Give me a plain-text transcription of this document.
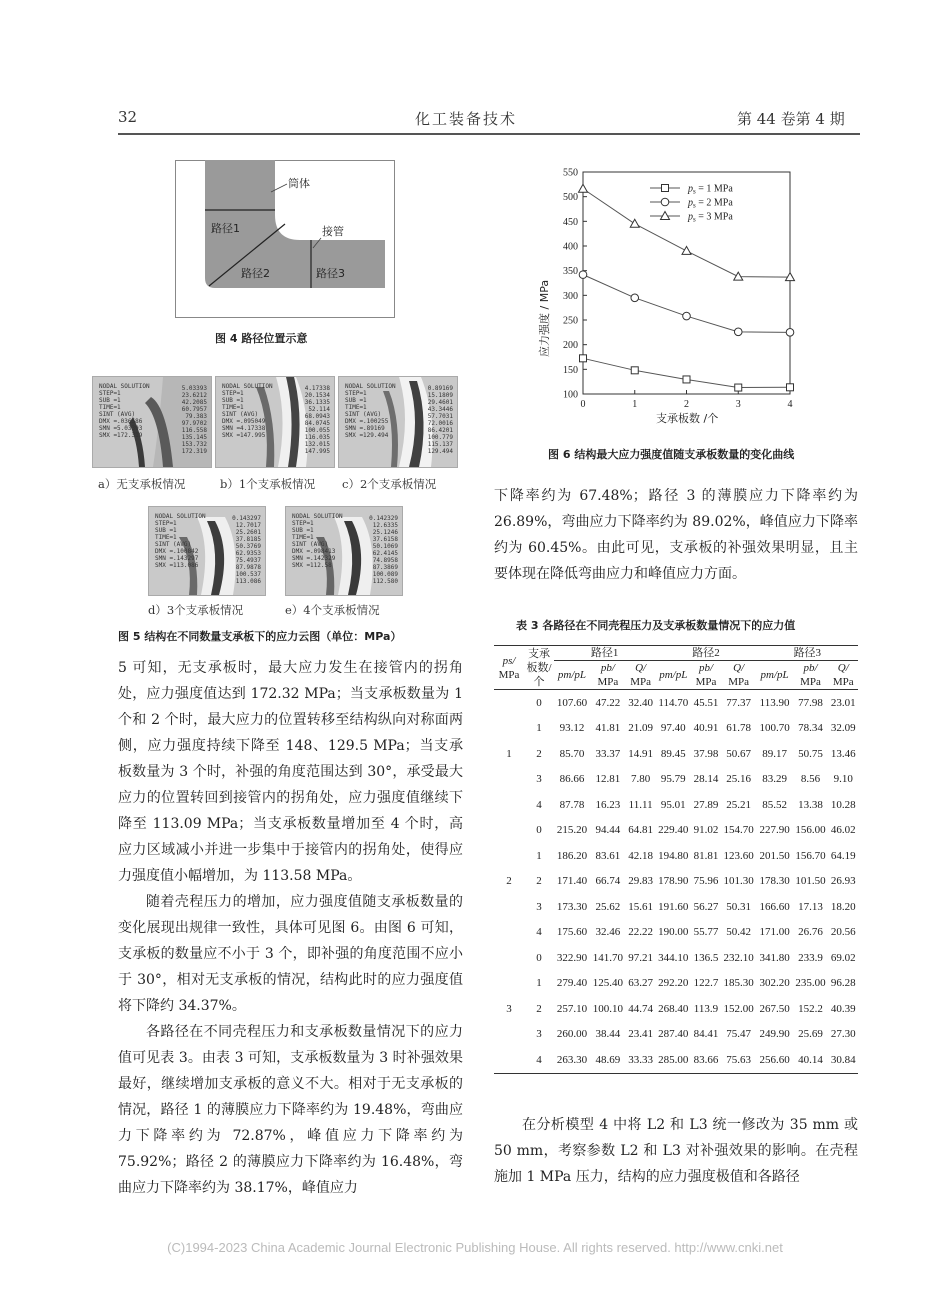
32	化工装备技术	第 44 卷第 4 期
筒体
接管
路径1
路径2	路径3
图 4 路径位置示意
NODAL SOLUTION
STEP=1
SUB =1
TIME=1
SINT (AVG)
DMX =.036586
SMN =5.03393
SMX =172.319
5.03393
23.6212
42.2085
60.7957
79.383
97.9702
116.558
135.145
153.732
172.319
NODAL SOLUTION
STEP=1
SUB =1
TIME=1
SINT (AVG)
DMX =.095049
SMN =4.17338
SMX =147.995
4.17338
20.1534
36.1335
52.114
68.0943
84.0745
100.055
116.035
132.015
147.995
NODAL SOLUTION
STEP=1
SUB =1
TIME=1
SINT (AVG)
DMX =.100255
SMN =.89169
SMX =129.494
0.89169
15.1809
29.4601
43.3446
57.7031
72.0016
86.4201
100.779
115.137
129.494
a）无支承板情况	b）1个支承板情况 c）2个支承板情况
NODAL SOLUTION
STEP=1
SUB =1
TIME=1
SINT (AVG)
DMX =.100842
SMN =.143297
SMX =113.086
0.143297
12.7017
25.2601
37.8185
50.3769
62.9353
75.4937
87.9878
100.537
113.086
NODAL SOLUTION
STEP=1
SUB =1
TIME=1
SINT (AVG)
DMX =.098413
SMN =.142329
SMX =112.58
0.142329
12.6335
25.1246
37.6158
50.1069
62.4145
74.8958
87.3869
100.089
112.580
d）3个支承板情况	e）4个支承板情况
图 5 结构在不同数量支承板下的应力云图（单位：MPa）

5 可知，无支承板时，最大应力发生在接管内的拐角处，应力强度值达到 172.32 MPa；当支承板数量为 1 个和 2 个时，最大应力的位置转移至结构纵向对称面两侧，应力强度持续下降至 148、129.5 MPa；当支承板数量为 3 个时，补强的角度范围达到 30°，承受最大应力的位置转回到接管内的拐角处，应力强度值继续下降至 113.09 MPa；当支承板数量增加至 4 个时，高应力区域减小并进一步集中于接管内的拐角处，使得应力强度值小幅增加，为 113.58 MPa。

随着壳程压力的增加，应力强度值随支承板数量的变化展现出规律一致性，具体可见图 6。由图 6 可知，支承板的数量应不小于 3 个，即补强的角度范围不应小于 30°，相对无支承板的情况，结构此时的应力强度值将下降约 34.37%。

各路径在不同壳程压力和支承板数量情况下的应力值可见表 3。由表 3 可知，支承板数量为 3 时补强效果最好，继续增加支承板的意义不大。相对于无支承板的情况，路径 1 的薄膜应力下降率约为 19.48%，弯曲应力下降率约为 72.87%，峰值应力下降率约为 75.92%；路径 2 的薄膜应力下降率约为 16.48%，弯曲应力下降率约为 38.17%，峰值应力

100
150
200
250
300
350
400
450
500
550
0	1	2	3	4
$p_s = 1$ MPa
$p_s = 2$ MPa
$p_s = 3$ MPa
应力强度 / MPa
支承板数 /个
图 6 结构最大应力强度值随支承板数量的变化曲线

下降率约为 67.48%；路径 3 的薄膜应力下降率约为 26.89%，弯曲应力下降率约为 89.02%，峰值应力下降率约为 60.45%。由此可见，支承板的补强效果明显，且主要体现在降低弯曲应力和峰值应力方面。

表 3 各路径在不同壳程压力及支承板数量情况下的应力值
ps/
MPa	支承
板数/
个	路径1			路径2			路径3		
		pm/pL	pb/
MPa	Q/
MPa	pm/pL	pb/
MPa	Q/
MPa	pm/pL	pb/
MPa	Q/
MPa
1	0	107.60	47.22	32.40	114.70	45.51	77.37	113.90	77.98	23.01
	1	93.12	41.81	21.09	97.40	40.91	61.78	100.70	78.34	32.09
	2	85.70	33.37	14.91	89.45	37.98	50.67	89.17	50.75	13.46
	3	86.66	12.81	7.80	95.79	28.14	25.16	83.29	8.56	9.10
	4	87.78	16.23	11.11	95.01	27.89	25.21	85.52	13.38	10.28
2	0	215.20	94.44	64.81	229.40	91.02	154.70	227.90	156.00	46.02
	1	186.20	83.61	42.18	194.80	81.81	123.60	201.50	156.70	64.19
	2	171.40	66.74	29.83	178.90	75.96	101.30	178.30	101.50	26.93
	3	173.30	25.62	15.61	191.60	56.27	50.31	166.60	17.13	18.20
	4	175.60	32.46	22.22	190.00	55.77	50.42	171.00	26.76	20.56
3	0	322.90	141.70	97.21	344.10	136.5	232.10	341.80	233.9	69.02
	1	279.40	125.40	63.27	292.20	122.7	185.30	302.20	235.00	96.28
	2	257.10	100.10	44.74	268.40	113.9	152.00	267.50	152.2	40.39
	3	260.00	38.44	23.41	287.40	84.41	75.47	249.90	25.69	27.30
	4	263.30	48.69	33.33	285.00	83.66	75.63	256.60	40.14	30.84

在分析模型 4 中将 L2 和 L3 统一修改为 35 mm 或 50 mm，考察参数 L2 和 L3 对补强效果的影响。在壳程施加 1 MPa 压力，结构的应力强度极值和各路径

(C)1994-2023 China Academic Journal Electronic Publishing House. All rights reserved. http://www.cnki.net
